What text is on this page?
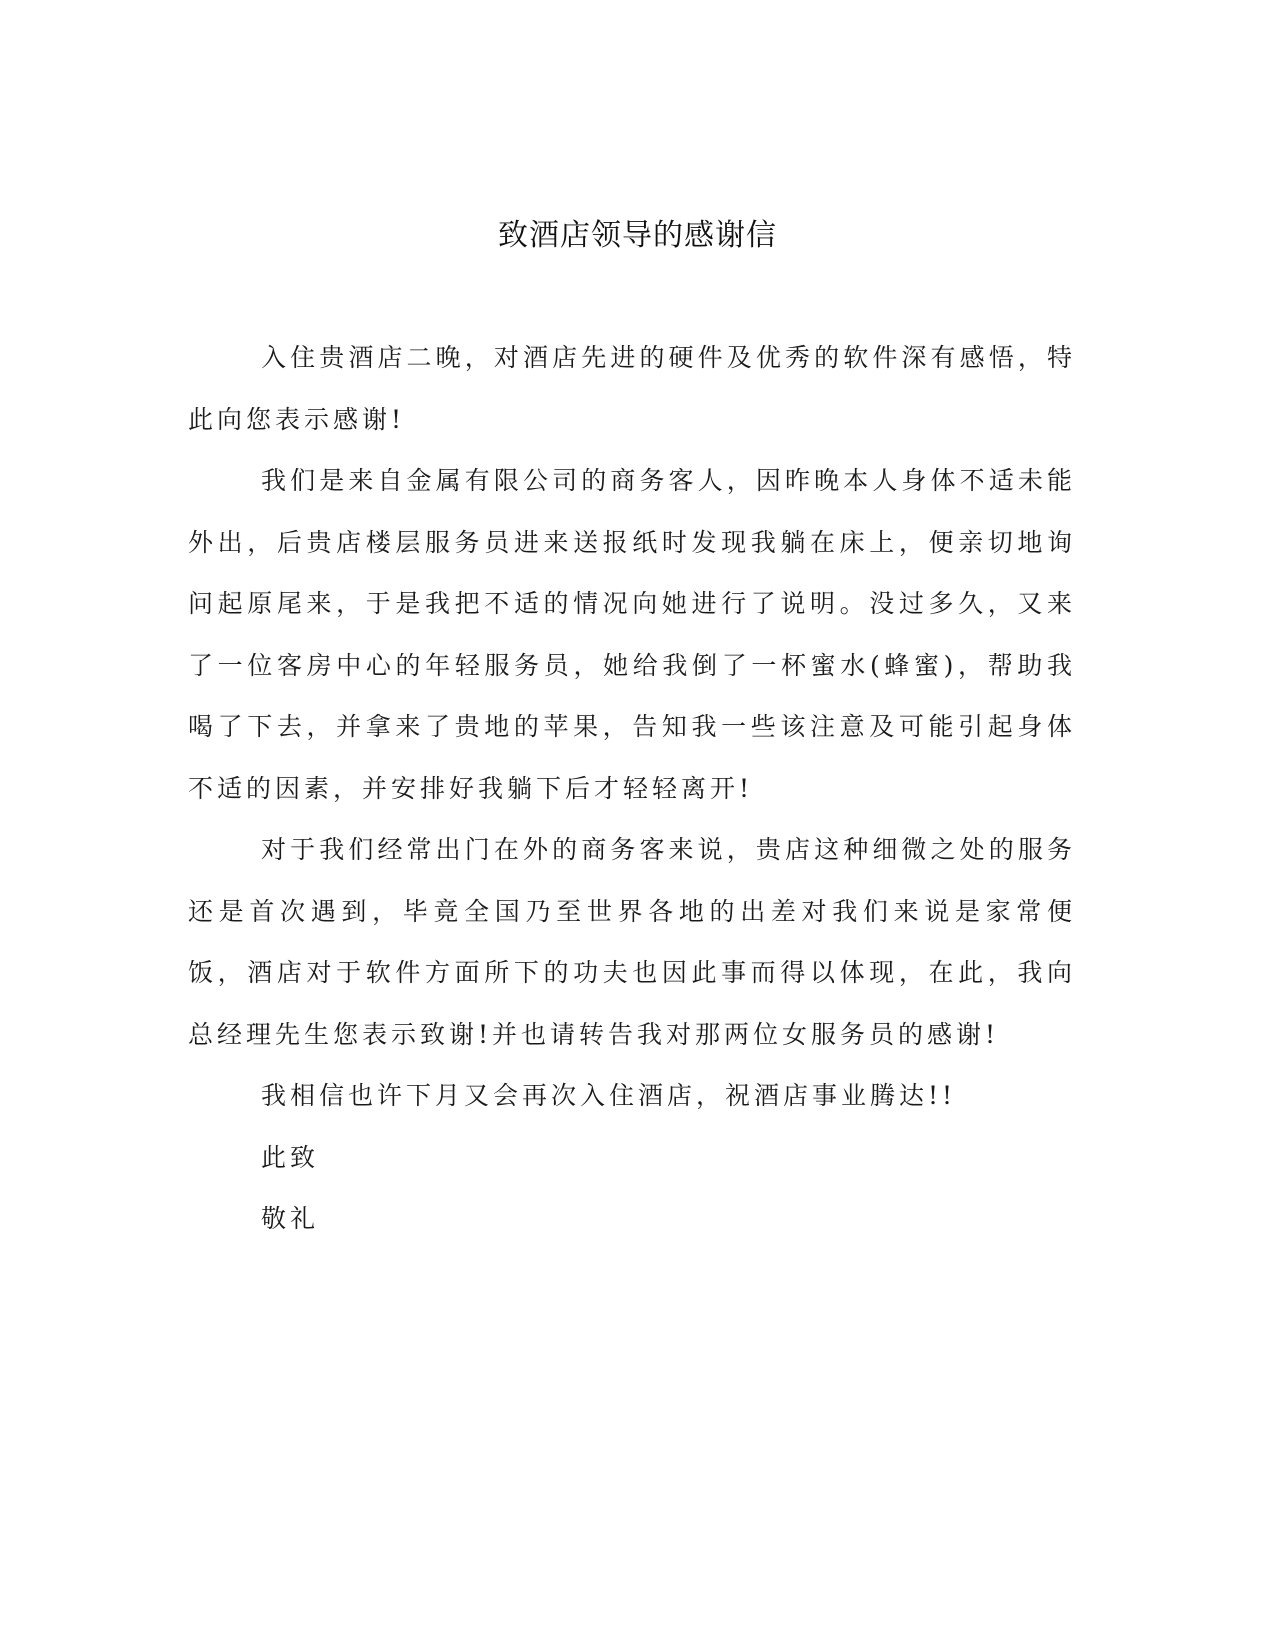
致酒店领导的感谢信

入住贵酒店二晚，对酒店先进的硬件及优秀的软件深有感悟，特此向您表示感谢!

我们是来自金属有限公司的商务客人，因昨晚本人身体不适未能外出，后贵店楼层服务员进来送报纸时发现我躺在床上，便亲切地询问起原尾来，于是我把不适的情况向她进行了说明。没过多久，又来了一位客房中心的年轻服务员，她给我倒了一杯蜜水(蜂蜜)，帮助我喝了下去，并拿来了贵地的苹果，告知我一些该注意及可能引起身体不适的因素，并安排好我躺下后才轻轻离开!

对于我们经常出门在外的商务客来说，贵店这种细微之处的服务还是首次遇到，毕竟全国乃至世界各地的出差对我们来说是家常便饭，酒店对于软件方面所下的功夫也因此事而得以体现，在此，我向总经理先生您表示致谢!并也请转告我对那两位女服务员的感谢!

我相信也许下月又会再次入住酒店，祝酒店事业腾达!!

此致

敬礼
